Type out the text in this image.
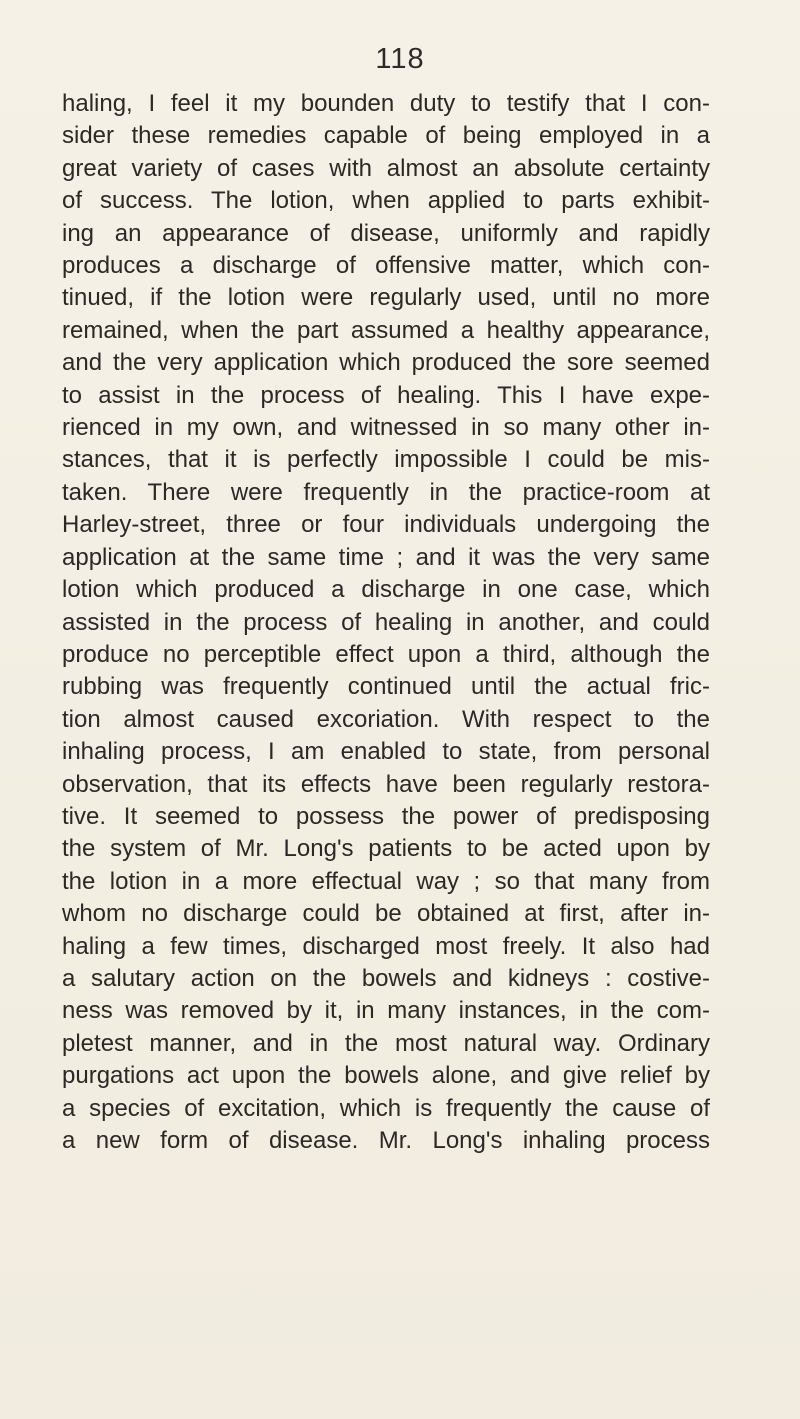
118
haling, I feel it my bounden duty to testify that I con-
sider these remedies capable of being employed in a
great variety of cases with almost an absolute certainty
of success. The lotion, when applied to parts exhibit-
ing an appearance of disease, uniformly and rapidly
produces a discharge of offensive matter, which con-
tinued, if the lotion were regularly used, until no more
remained, when the part assumed a healthy appearance,
and the very application which produced the sore seemed
to assist in the process of healing. This I have expe-
rienced in my own, and witnessed in so many other in-
stances, that it is perfectly impossible I could be mis-
taken. There were frequently in the practice-room at
Harley-street, three or four individuals undergoing the
application at the same time ; and it was the very same
lotion which produced a discharge in one case, which
assisted in the process of healing in another, and could
produce no perceptible effect upon a third, although the
rubbing was frequently continued until the actual fric-
tion almost caused excoriation. With respect to the
inhaling process, I am enabled to state, from personal
observation, that its effects have been regularly restora-
tive. It seemed to possess the power of predisposing
the system of Mr. Long's patients to be acted upon by
the lotion in a more effectual way ; so that many from
whom no discharge could be obtained at first, after in-
haling a few times, discharged most freely. It also had
a salutary action on the bowels and kidneys : costive-
ness was removed by it, in many instances, in the com-
pletest manner, and in the most natural way. Ordinary
purgations act upon the bowels alone, and give relief by
a species of excitation, which is frequently the cause of
a new form of disease. Mr. Long's inhaling process
